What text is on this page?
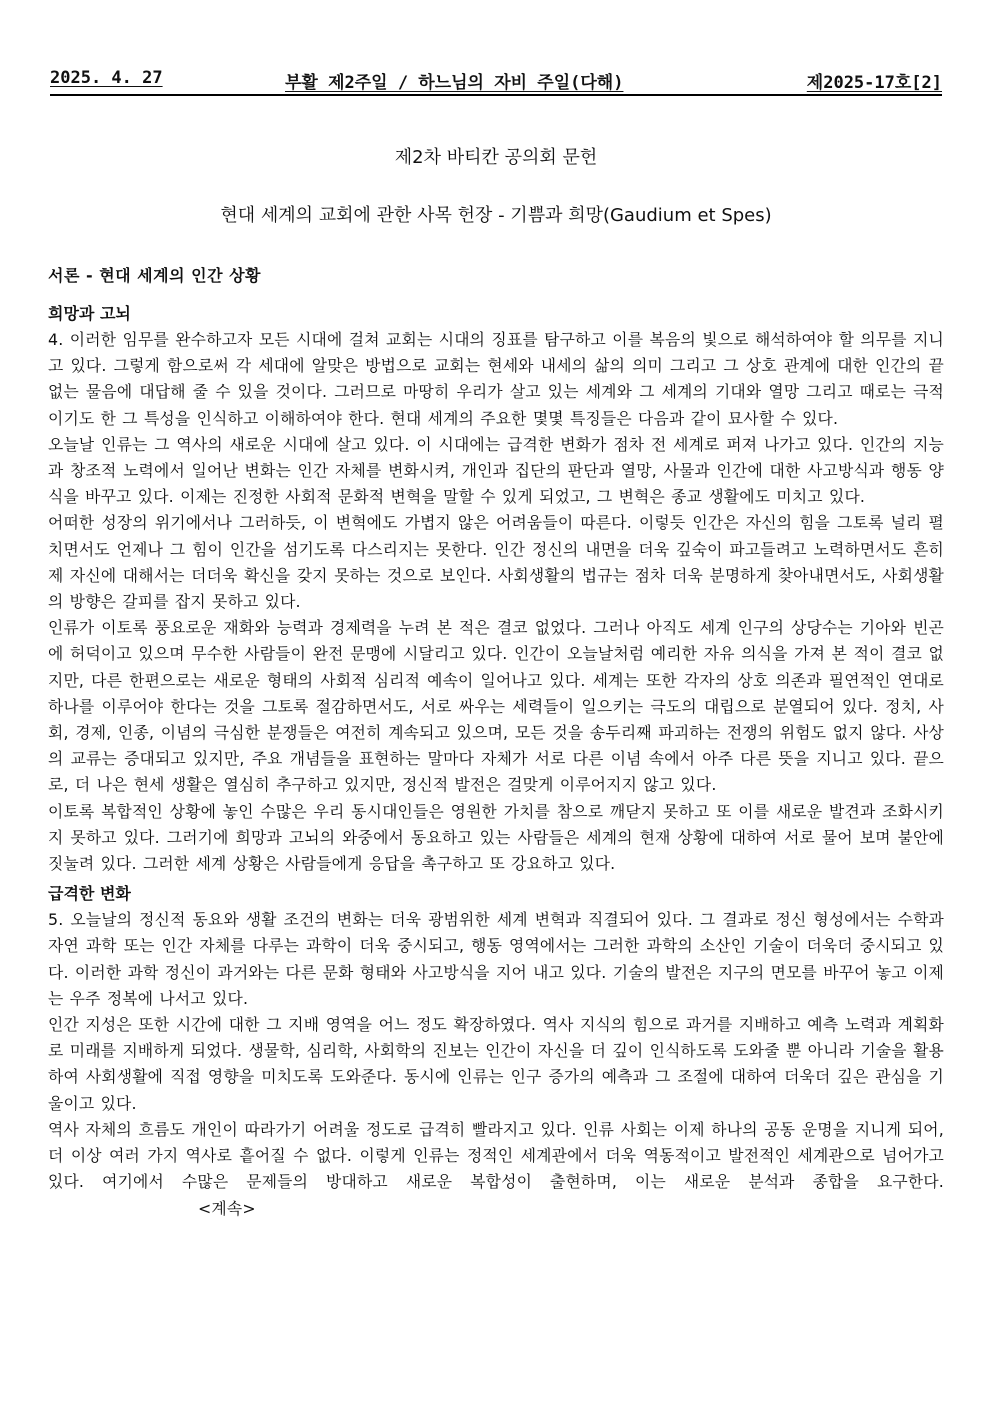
2025. 4. 27	부활 제2주일 / 하느님의 자비 주일(다해)	제2025-17호[2]
제2차 바티칸 공의회 문헌
현대 세계의 교회에 관한 사목 헌장 - 기쁨과 희망(Gaudium et Spes)
서론 - 현대 세계의 인간 상황
희망과 고뇌

4. 이러한 임무를 완수하고자 모든 시대에 걸쳐 교회는 시대의 징표를 탐구하고 이를 복음의 빛으로 해석하여야 할 의무를 지니고 있다. 그렇게 함으로써 각 세대에 알맞은 방법으로 교회는 현세와 내세의 삶의 의미 그리고 그 상호 관계에 대한 인간의 끝없는 물음에 대답해 줄 수 있을 것이다. 그러므로 마땅히 우리가 살고 있는 세계와 그 세계의 기대와 열망 그리고 때로는 극적이기도 한 그 특성을 인식하고 이해하여야 한다. 현대 세계의 주요한 몇몇 특징들은 다음과 같이 묘사할 수 있다.

오늘날 인류는 그 역사의 새로운 시대에 살고 있다. 이 시대에는 급격한 변화가 점차 전 세계로 퍼져 나가고 있다. 인간의 지능과 창조적 노력에서 일어난 변화는 인간 자체를 변화시켜, 개인과 집단의 판단과 열망, 사물과 인간에 대한 사고방식과 행동 양식을 바꾸고 있다. 이제는 진정한 사회적 문화적 변혁을 말할 수 있게 되었고, 그 변혁은 종교 생활에도 미치고 있다.

어떠한 성장의 위기에서나 그러하듯, 이 변혁에도 가볍지 않은 어려움들이 따른다. 이렇듯 인간은 자신의 힘을 그토록 널리 펼치면서도 언제나 그 힘이 인간을 섬기도록 다스리지는 못한다. 인간 정신의 내면을 더욱 깊숙이 파고들려고 노력하면서도 흔히 제 자신에 대해서는 더더욱 확신을 갖지 못하는 것으로 보인다. 사회생활의 법규는 점차 더욱 분명하게 찾아내면서도, 사회생활의 방향은 갈피를 잡지 못하고 있다.

인류가 이토록 풍요로운 재화와 능력과 경제력을 누려 본 적은 결코 없었다. 그러나 아직도 세계 인구의 상당수는 기아와 빈곤에 허덕이고 있으며 무수한 사람들이 완전 문맹에 시달리고 있다. 인간이 오늘날처럼 예리한 자유 의식을 가져 본 적이 결코 없지만, 다른 한편으로는 새로운 형태의 사회적 심리적 예속이 일어나고 있다. 세계는 또한 각자의 상호 의존과 필연적인 연대로 하나를 이루어야 한다는 것을 그토록 절감하면서도, 서로 싸우는 세력들이 일으키는 극도의 대립으로 분열되어 있다. 정치, 사회, 경제, 인종, 이념의 극심한 분쟁들은 여전히 계속되고 있으며, 모든 것을 송두리째 파괴하는 전쟁의 위험도 없지 않다. 사상의 교류는 증대되고 있지만, 주요 개념들을 표현하는 말마다 자체가 서로 다른 이념 속에서 아주 다른 뜻을 지니고 있다. 끝으로, 더 나은 현세 생활은 열심히 추구하고 있지만, 정신적 발전은 걸맞게 이루어지지 않고 있다.

이토록 복합적인 상황에 놓인 수많은 우리 동시대인들은 영원한 가치를 참으로 깨닫지 못하고 또 이를 새로운 발견과 조화시키지 못하고 있다. 그러기에 희망과 고뇌의 와중에서 동요하고 있는 사람들은 세계의 현재 상황에 대하여 서로 물어 보며 불안에 짓눌려 있다. 그러한 세계 상황은 사람들에게 응답을 촉구하고 또 강요하고 있다.

급격한 변화

5. 오늘날의 정신적 동요와 생활 조건의 변화는 더욱 광범위한 세계 변혁과 직결되어 있다. 그 결과로 정신 형성에서는 수학과 자연 과학 또는 인간 자체를 다루는 과학이 더욱 중시되고, 행동 영역에서는 그러한 과학의 소산인 기술이 더욱더 중시되고 있다. 이러한 과학 정신이 과거와는 다른 문화 형태와 사고방식을 지어 내고 있다. 기술의 발전은 지구의 면모를 바꾸어 놓고 이제는 우주 정복에 나서고 있다.

인간 지성은 또한 시간에 대한 그 지배 영역을 어느 정도 확장하였다. 역사 지식의 힘으로 과거를 지배하고 예측 노력과 계획화로 미래를 지배하게 되었다. 생물학, 심리학, 사회학의 진보는 인간이 자신을 더 깊이 인식하도록 도와줄 뿐 아니라 기술을 활용하여 사회생활에 직접 영향을 미치도록 도와준다. 동시에 인류는 인구 증가의 예측과 그 조절에 대하여 더욱더 깊은 관심을 기울이고 있다.

역사 자체의 흐름도 개인이 따라가기 어려울 정도로 급격히 빨라지고 있다. 인류 사회는 이제 하나의 공동 운명을 지니게 되어, 더 이상 여러 가지 역사로 흩어질 수 없다. 이렇게 인류는 정적인 세계관에서 더욱 역동적이고 발전적인 세계관으로 넘어가고 있다. 여기에서 수많은 문제들의 방대하고 새로운 복합성이 출현하며, 이는 새로운 분석과 종합을 요구한다.<계속>
